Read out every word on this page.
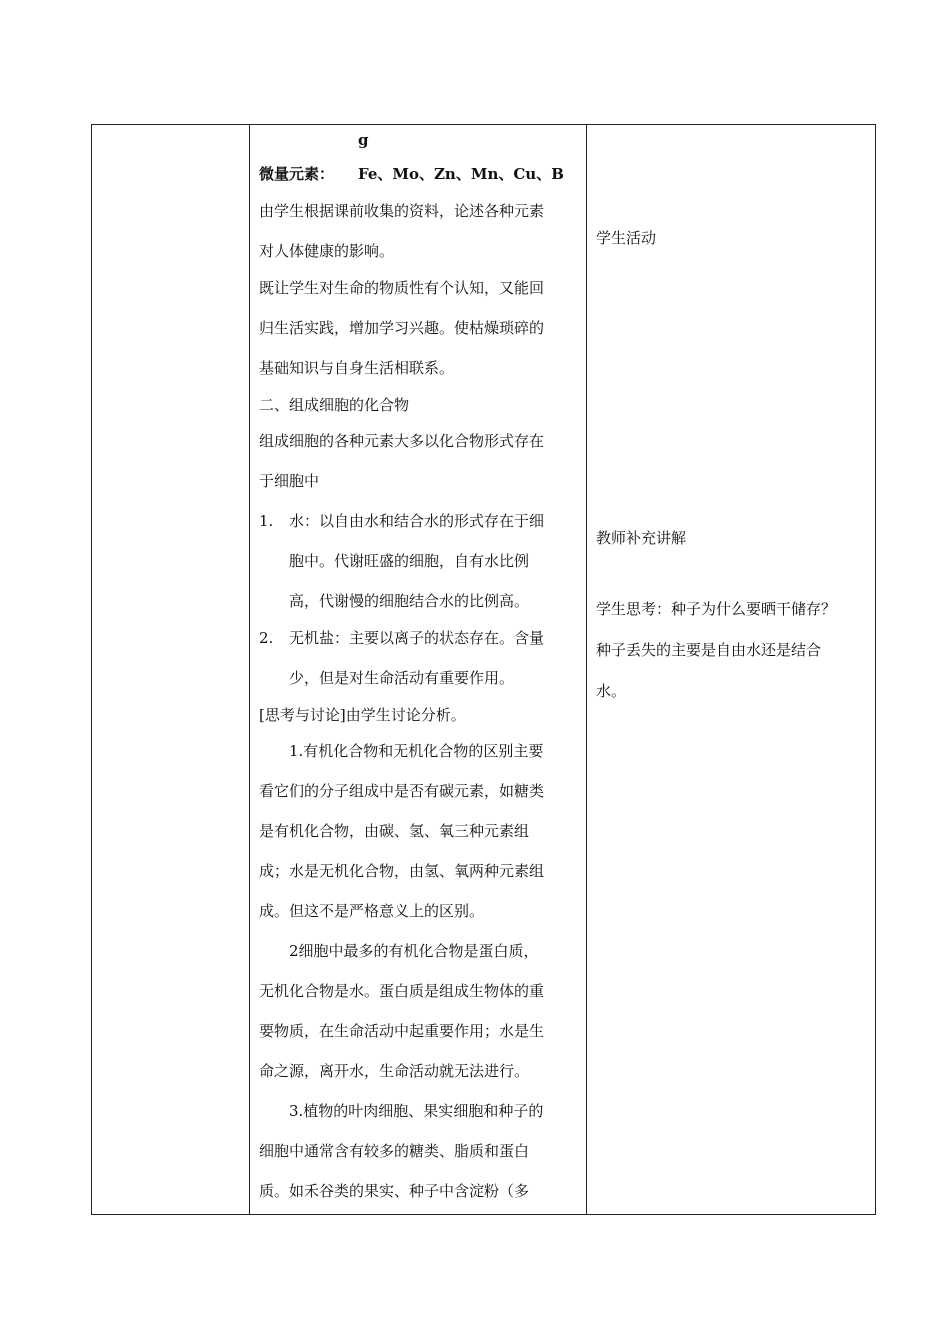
g
微量元素： Fe、Mo、Zn、Mn、Cu、B
由学生根据课前收集的资料，论述各种元素
对人体健康的影响。
既让学生对生命的物质性有个认知，又能回
归生活实践，增加学习兴趣。使枯燥琐碎的
基础知识与自身生活相联系。
二、组成细胞的化合物
组成细胞的各种元素大多以化合物形式存在
于细胞中
1. 水：以自由水和结合水的形式存在于细
胞中。代谢旺盛的细胞，自有水比例
高，代谢慢的细胞结合水的比例高。
2. 无机盐：主要以离子的状态存在。含量
少，但是对生命活动有重要作用。
[思考与讨论]由学生讨论分析。
1.有机化合物和无机化合物的区别主要
看它们的分子组成中是否有碳元素，如糖类
是有机化合物，由碳、氢、氧三种元素组
成；水是无机化合物，由氢、氧两种元素组
成。但这不是严格意义上的区别。
2细胞中最多的有机化合物是蛋白质，
无机化合物是水。蛋白质是组成生物体的重
要物质，在生命活动中起重要作用；水是生
命之源，离开水，生命活动就无法进行。
3.植物的叶肉细胞、果实细胞和种子的
细胞中通常含有较多的糖类、脂质和蛋白
质。如禾谷类的果实、种子中含淀粉（多
学生活动
教师补充讲解
学生思考：种子为什么要晒干储存？
种子丢失的主要是自由水还是结合
水。
